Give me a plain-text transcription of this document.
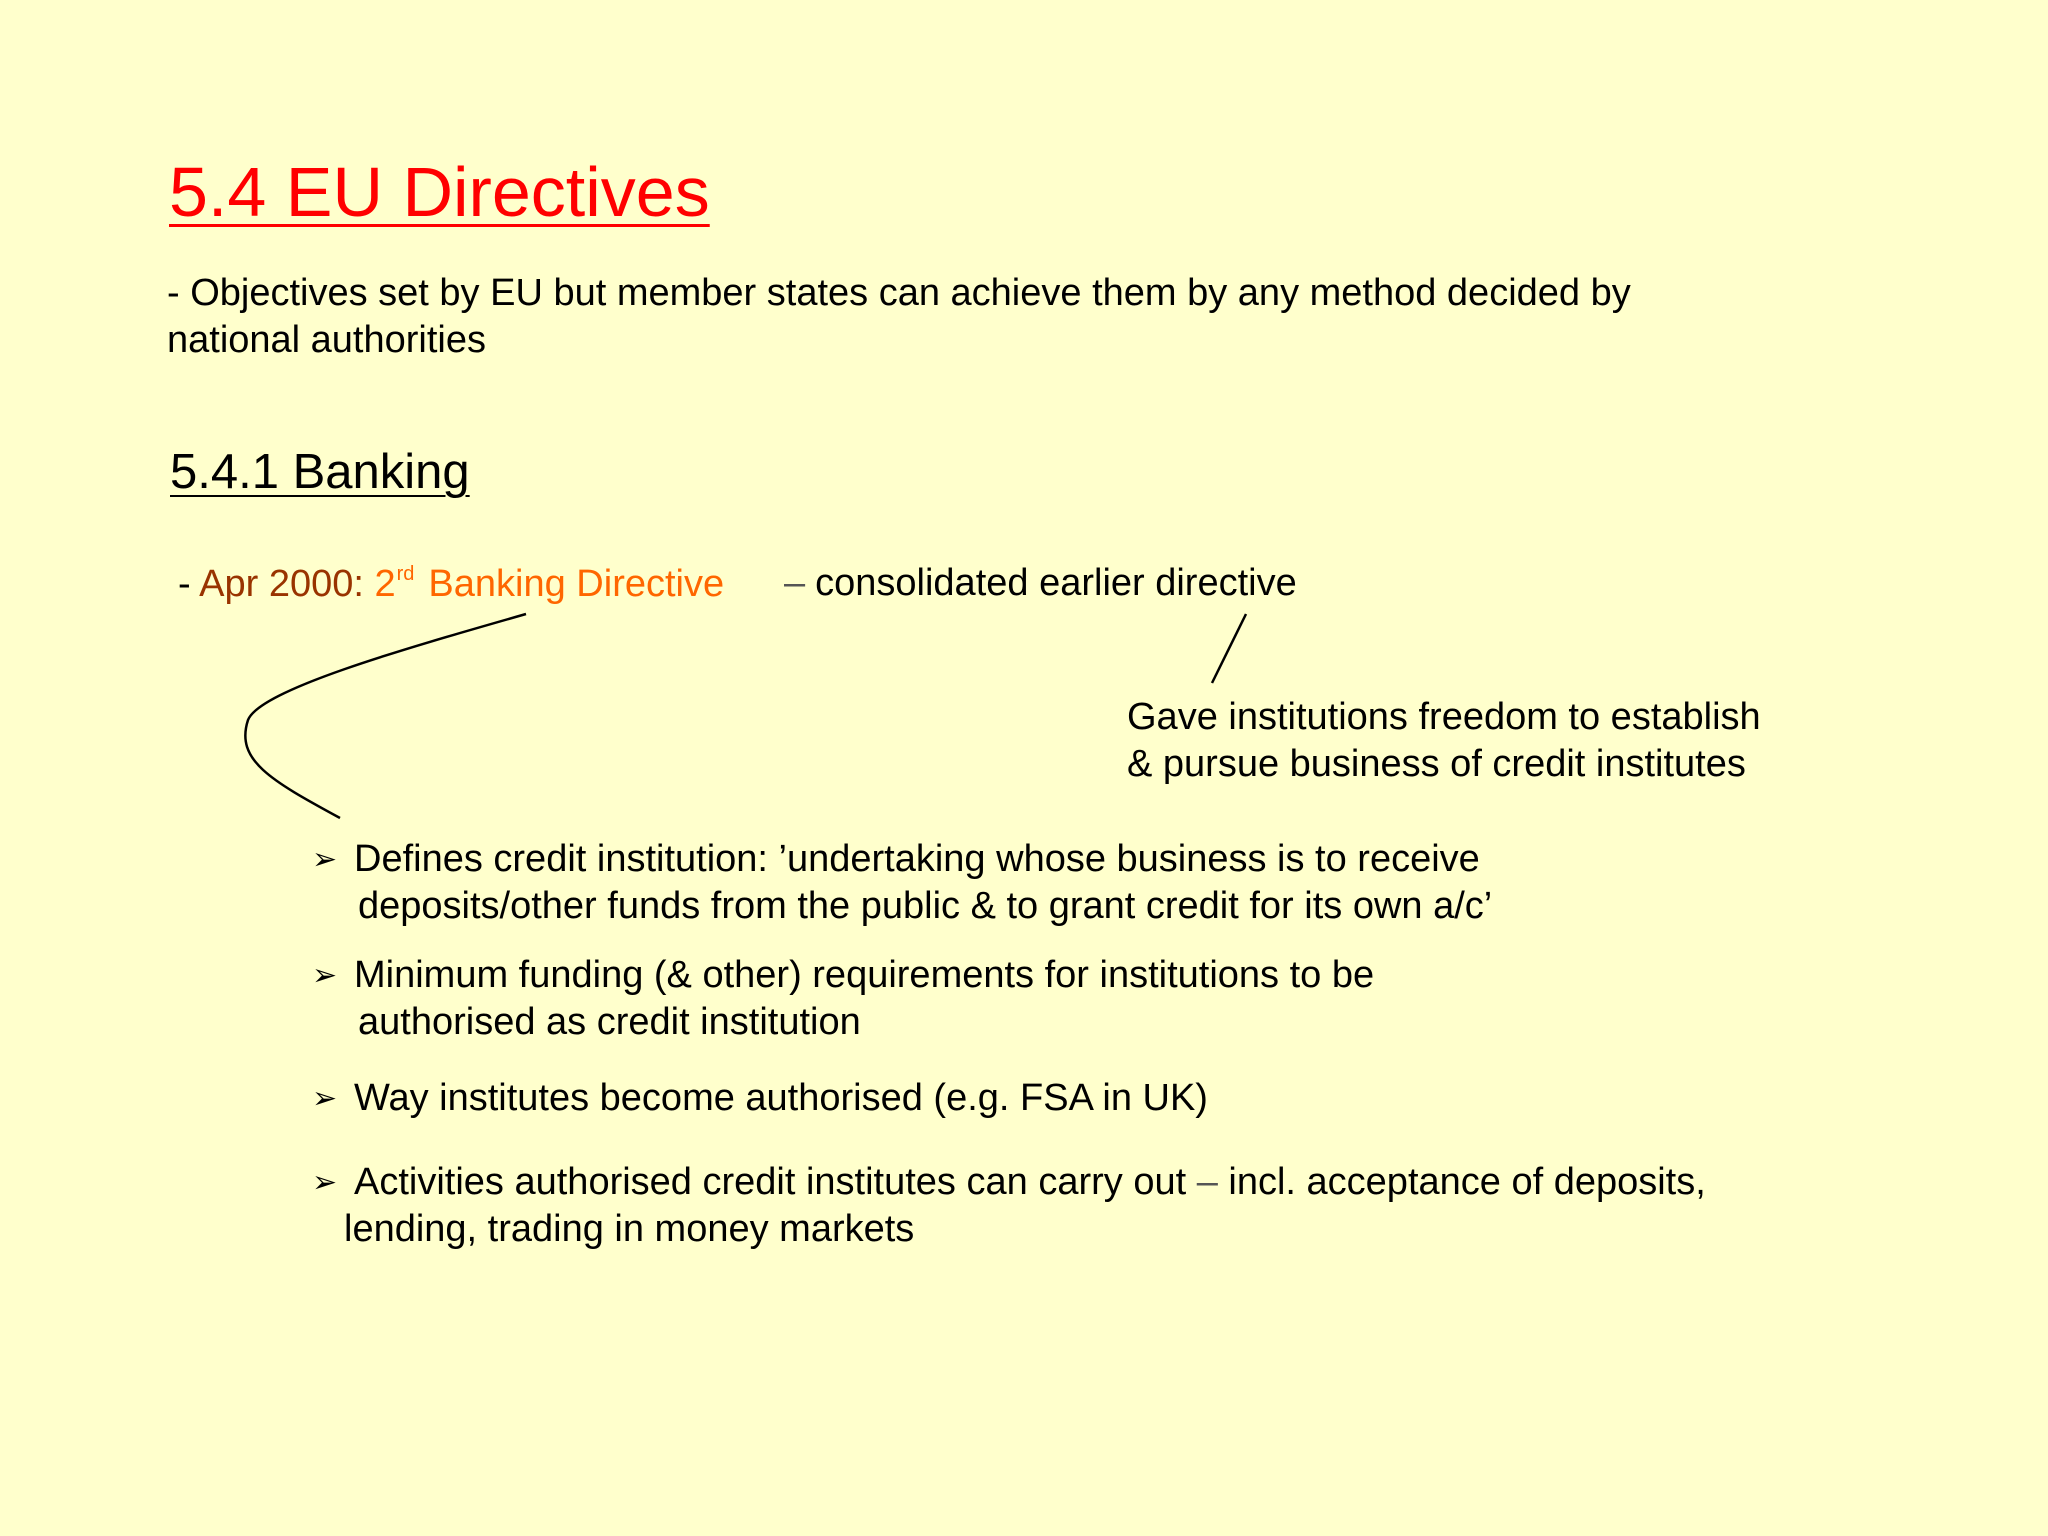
5.4 EU Directives
- Objectives set by EU but member states can achieve them by any method decided by
national authorities
5.4.1 Banking
- Apr 2000: 2rd Banking Directive – consolidated earlier directive
Gave institutions freedom to establish
& pursue business of credit institutes
➢ Defines credit institution: ’undertaking whose business is to receive
deposits/other funds from the public & to grant credit for its own a/c’
➢ Minimum funding (& other) requirements for institutions to be
authorised as credit institution
➢ Way institutes become authorised (e.g. FSA in UK)
➢ Activities authorised credit institutes can carry out – incl. acceptance of deposits,
lending, trading in money markets
